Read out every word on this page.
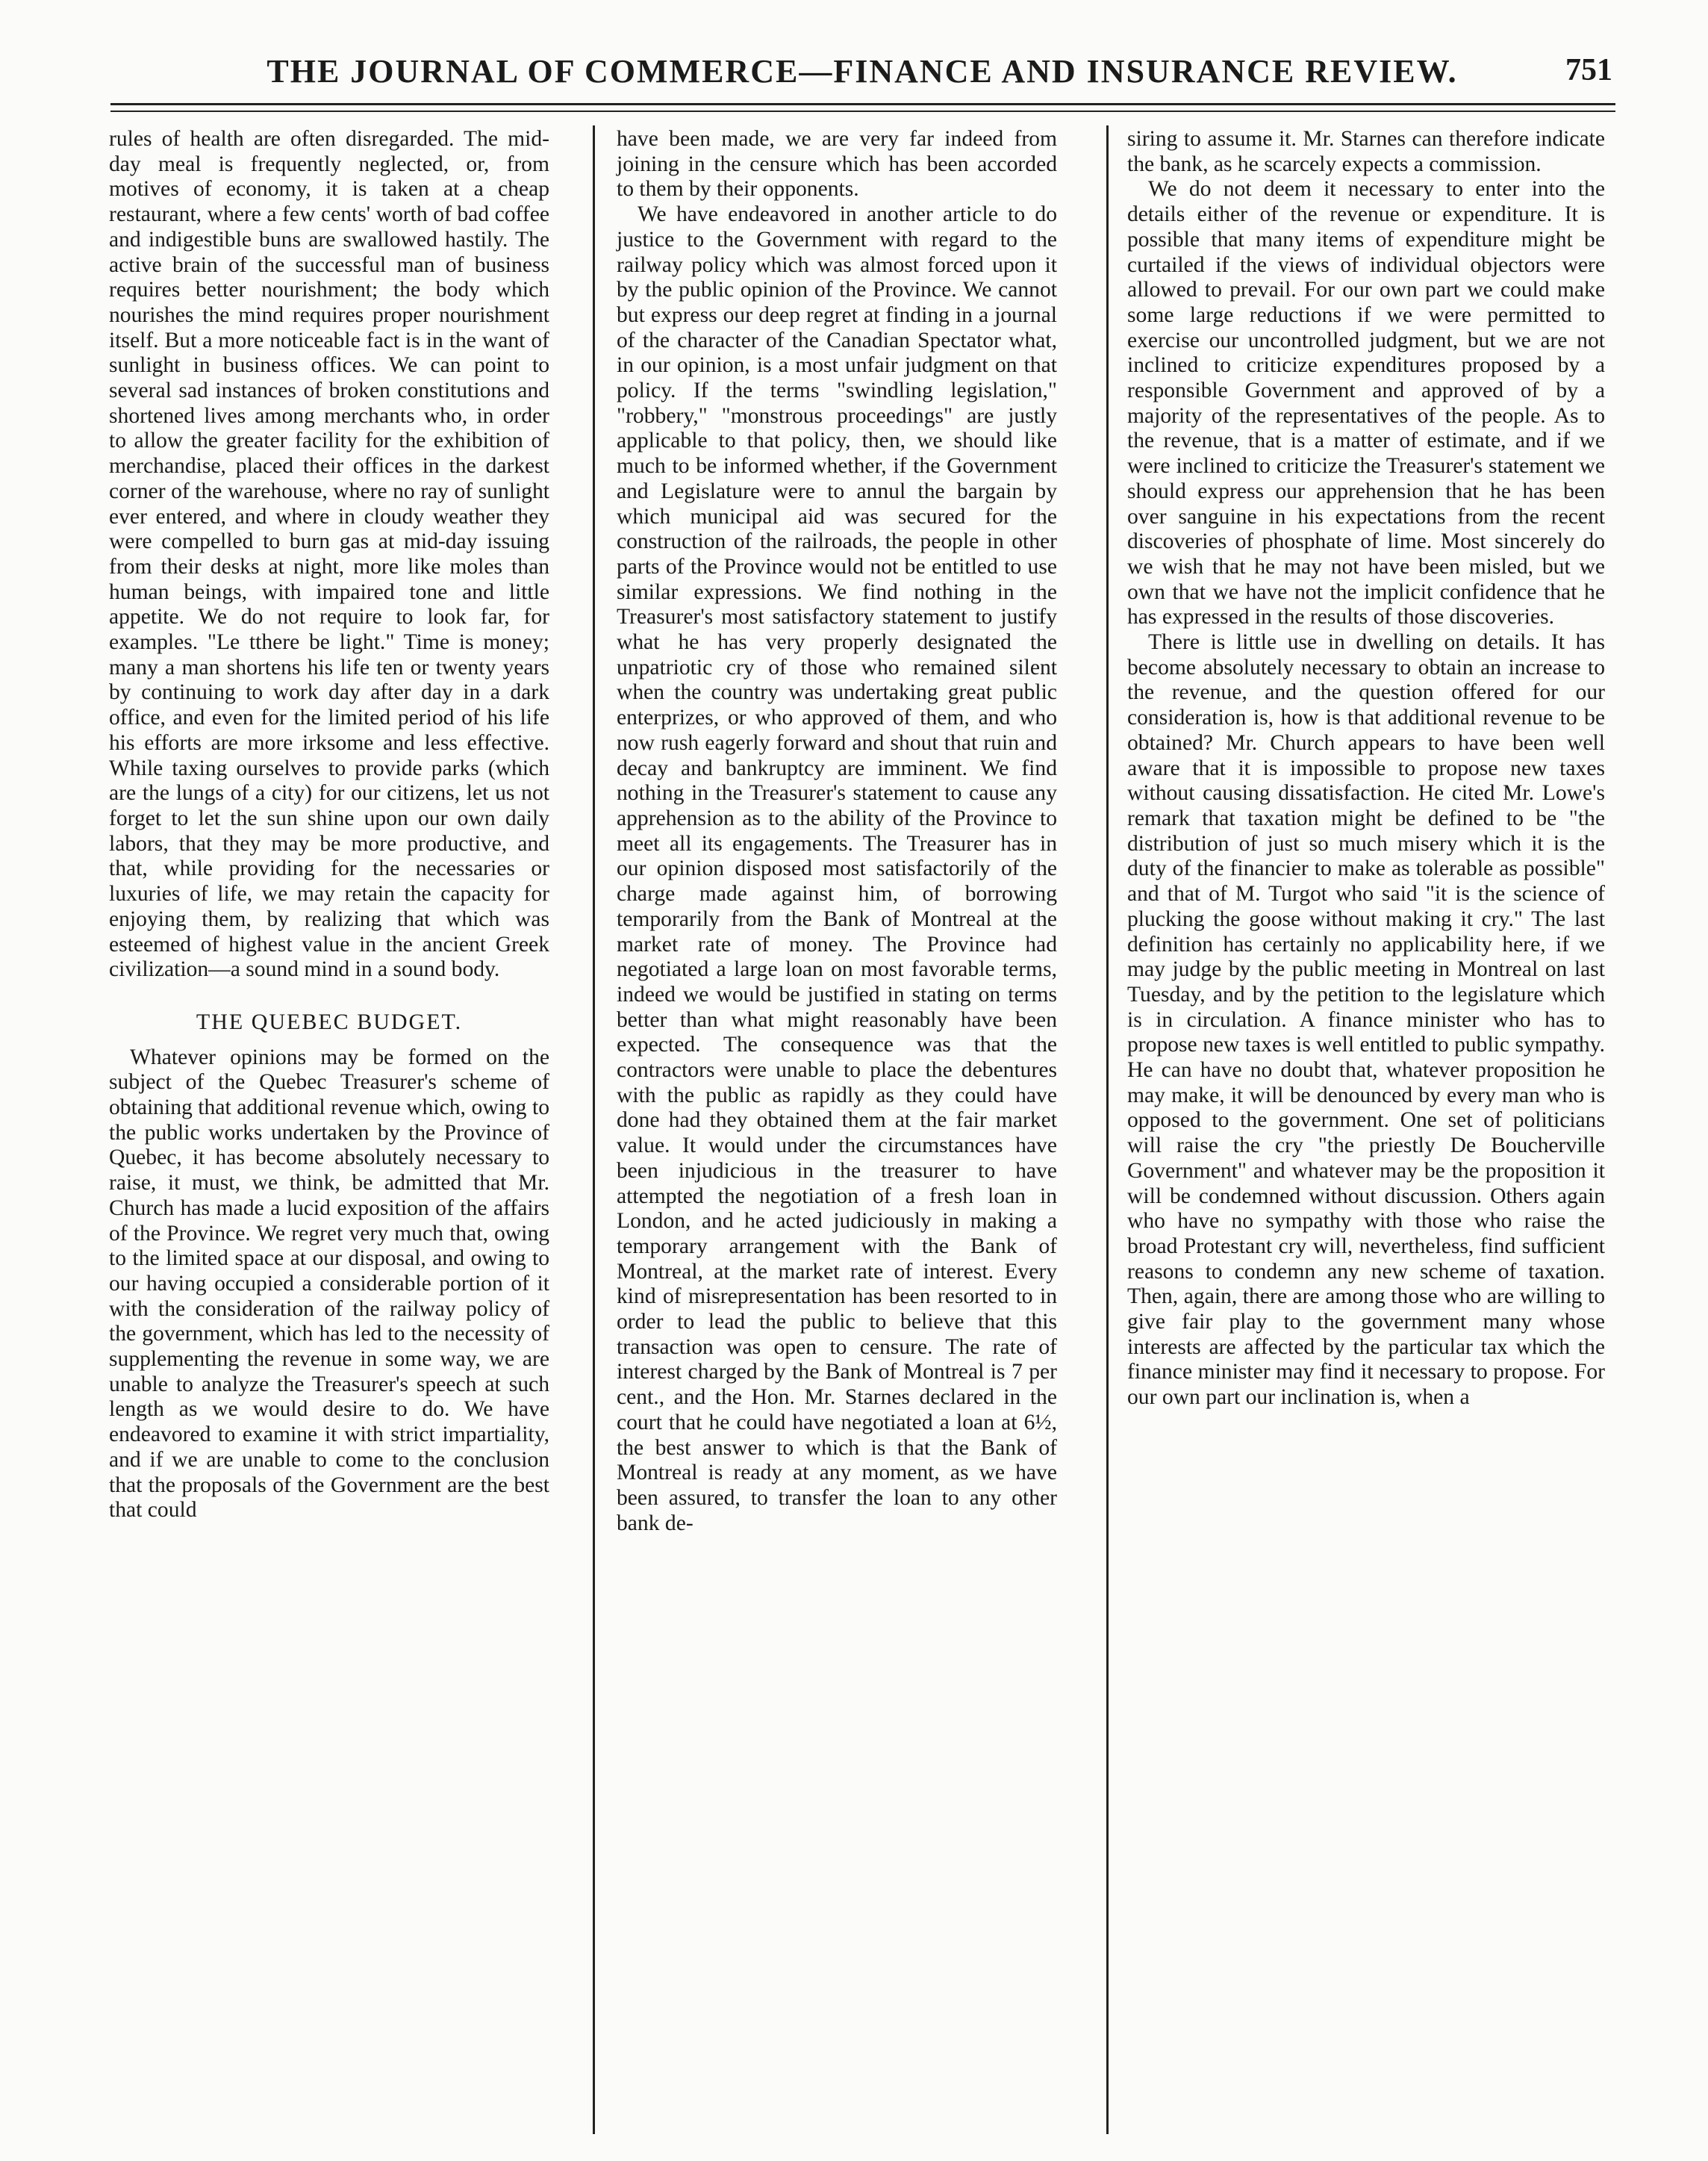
THE JOURNAL OF COMMERCE—FINANCE AND INSURANCE REVIEW.	751

rules of health are often disregarded. The mid-day meal is frequently neglected, or, from motives of economy, it is taken at a cheap restaurant, where a few cents' worth of bad coffee and indigestible buns are swallowed hastily. The active brain of the successful man of business requires better nourishment; the body which nourishes the mind requires proper nourishment itself. But a more noticeable fact is in the want of sunlight in business offices. We can point to several sad instances of broken constitutions and shortened lives among merchants who, in order to allow the greater facility for the exhibition of merchandise, placed their offices in the darkest corner of the warehouse, where no ray of sunlight ever entered, and where in cloudy weather they were compelled to burn gas at mid-day issuing from their desks at night, more like moles than human beings, with impaired tone and little appetite. We do not require to look far, for examples. "Le tthere be light." Time is money; many a man shortens his life ten or twenty years by continuing to work day after day in a dark office, and even for the limited period of his life his efforts are more irksome and less effective. While taxing ourselves to provide parks (which are the lungs of a city) for our citizens, let us not forget to let the sun shine upon our own daily labors, that they may be more productive, and that, while providing for the necessaries or luxuries of life, we may retain the capacity for enjoying them, by realizing that which was esteemed of highest value in the ancient Greek civilization—a sound mind in a sound body.

THE QUEBEC BUDGET.

Whatever opinions may be formed on the subject of the Quebec Treasurer's scheme of obtaining that additional revenue which, owing to the public works undertaken by the Province of Quebec, it has become absolutely necessary to raise, it must, we think, be admitted that Mr. Church has made a lucid exposition of the affairs of the Province. We regret very much that, owing to the limited space at our disposal, and owing to our having occupied a considerable portion of it with the consideration of the railway policy of the government, which has led to the necessity of supplementing the revenue in some way, we are unable to analyze the Treasurer's speech at such length as we would desire to do. We have endeavored to examine it with strict impartiality, and if we are unable to come to the conclusion that the proposals of the Government are the best that could

have been made, we are very far indeed from joining in the censure which has been accorded to them by their opponents.

We have endeavored in another article to do justice to the Government with regard to the railway policy which was almost forced upon it by the public opinion of the Province. We cannot but express our deep regret at finding in a journal of the character of the Canadian Spectator what, in our opinion, is a most unfair judgment on that policy. If the terms "swindling legislation," "robbery," "monstrous proceedings" are justly applicable to that policy, then, we should like much to be informed whether, if the Government and Legislature were to annul the bargain by which municipal aid was secured for the construction of the railroads, the people in other parts of the Province would not be entitled to use similar expressions. We find nothing in the Treasurer's most satisfactory statement to justify what he has very properly designated the unpatriotic cry of those who remained silent when the country was undertaking great public enterprizes, or who approved of them, and who now rush eagerly forward and shout that ruin and decay and bankruptcy are imminent. We find nothing in the Treasurer's statement to cause any apprehension as to the ability of the Province to meet all its engagements. The Treasurer has in our opinion disposed most satisfactorily of the charge made against him, of borrowing temporarily from the Bank of Montreal at the market rate of money. The Province had negotiated a large loan on most favorable terms, indeed we would be justified in stating on terms better than what might reasonably have been expected. The consequence was that the contractors were unable to place the debentures with the public as rapidly as they could have done had they obtained them at the fair market value. It would under the circumstances have been injudicious in the treasurer to have attempted the negotiation of a fresh loan in London, and he acted judiciously in making a temporary arrangement with the Bank of Montreal, at the market rate of interest. Every kind of misrepresentation has been resorted to in order to lead the public to believe that this transaction was open to censure. The rate of interest charged by the Bank of Montreal is 7 per cent., and the Hon. Mr. Starnes declared in the court that he could have negotiated a loan at 6½, the best answer to which is that the Bank of Montreal is ready at any moment, as we have been assured, to transfer the loan to any other bank de-

siring to assume it. Mr. Starnes can therefore indicate the bank, as he scarcely expects a commission.

We do not deem it necessary to enter into the details either of the revenue or expenditure. It is possible that many items of expenditure might be curtailed if the views of individual objectors were allowed to prevail. For our own part we could make some large reductions if we were permitted to exercise our uncontrolled judgment, but we are not inclined to criticize expenditures proposed by a responsible Government and approved of by a majority of the representatives of the people. As to the revenue, that is a matter of estimate, and if we were inclined to criticize the Treasurer's statement we should express our apprehension that he has been over sanguine in his expectations from the recent discoveries of phosphate of lime. Most sincerely do we wish that he may not have been misled, but we own that we have not the implicit confidence that he has expressed in the results of those discoveries.

There is little use in dwelling on details. It has become absolutely necessary to obtain an increase to the revenue, and the question offered for our consideration is, how is that additional revenue to be obtained? Mr. Church appears to have been well aware that it is impossible to propose new taxes without causing dissatisfaction. He cited Mr. Lowe's remark that taxation might be defined to be "the distribution of just so much misery which it is the duty of the financier to make as tolerable as possible" and that of M. Turgot who said "it is the science of plucking the goose without making it cry." The last definition has certainly no applicability here, if we may judge by the public meeting in Montreal on last Tuesday, and by the petition to the legislature which is in circulation. A finance minister who has to propose new taxes is well entitled to public sympathy. He can have no doubt that, whatever proposition he may make, it will be denounced by every man who is opposed to the government. One set of politicians will raise the cry "the priestly De Boucherville Government" and whatever may be the proposition it will be condemned without discussion. Others again who have no sympathy with those who raise the broad Protestant cry will, nevertheless, find sufficient reasons to condemn any new scheme of taxation. Then, again, there are among those who are willing to give fair play to the government many whose interests are affected by the particular tax which the finance minister may find it necessary to propose. For our own part our inclination is, when a
